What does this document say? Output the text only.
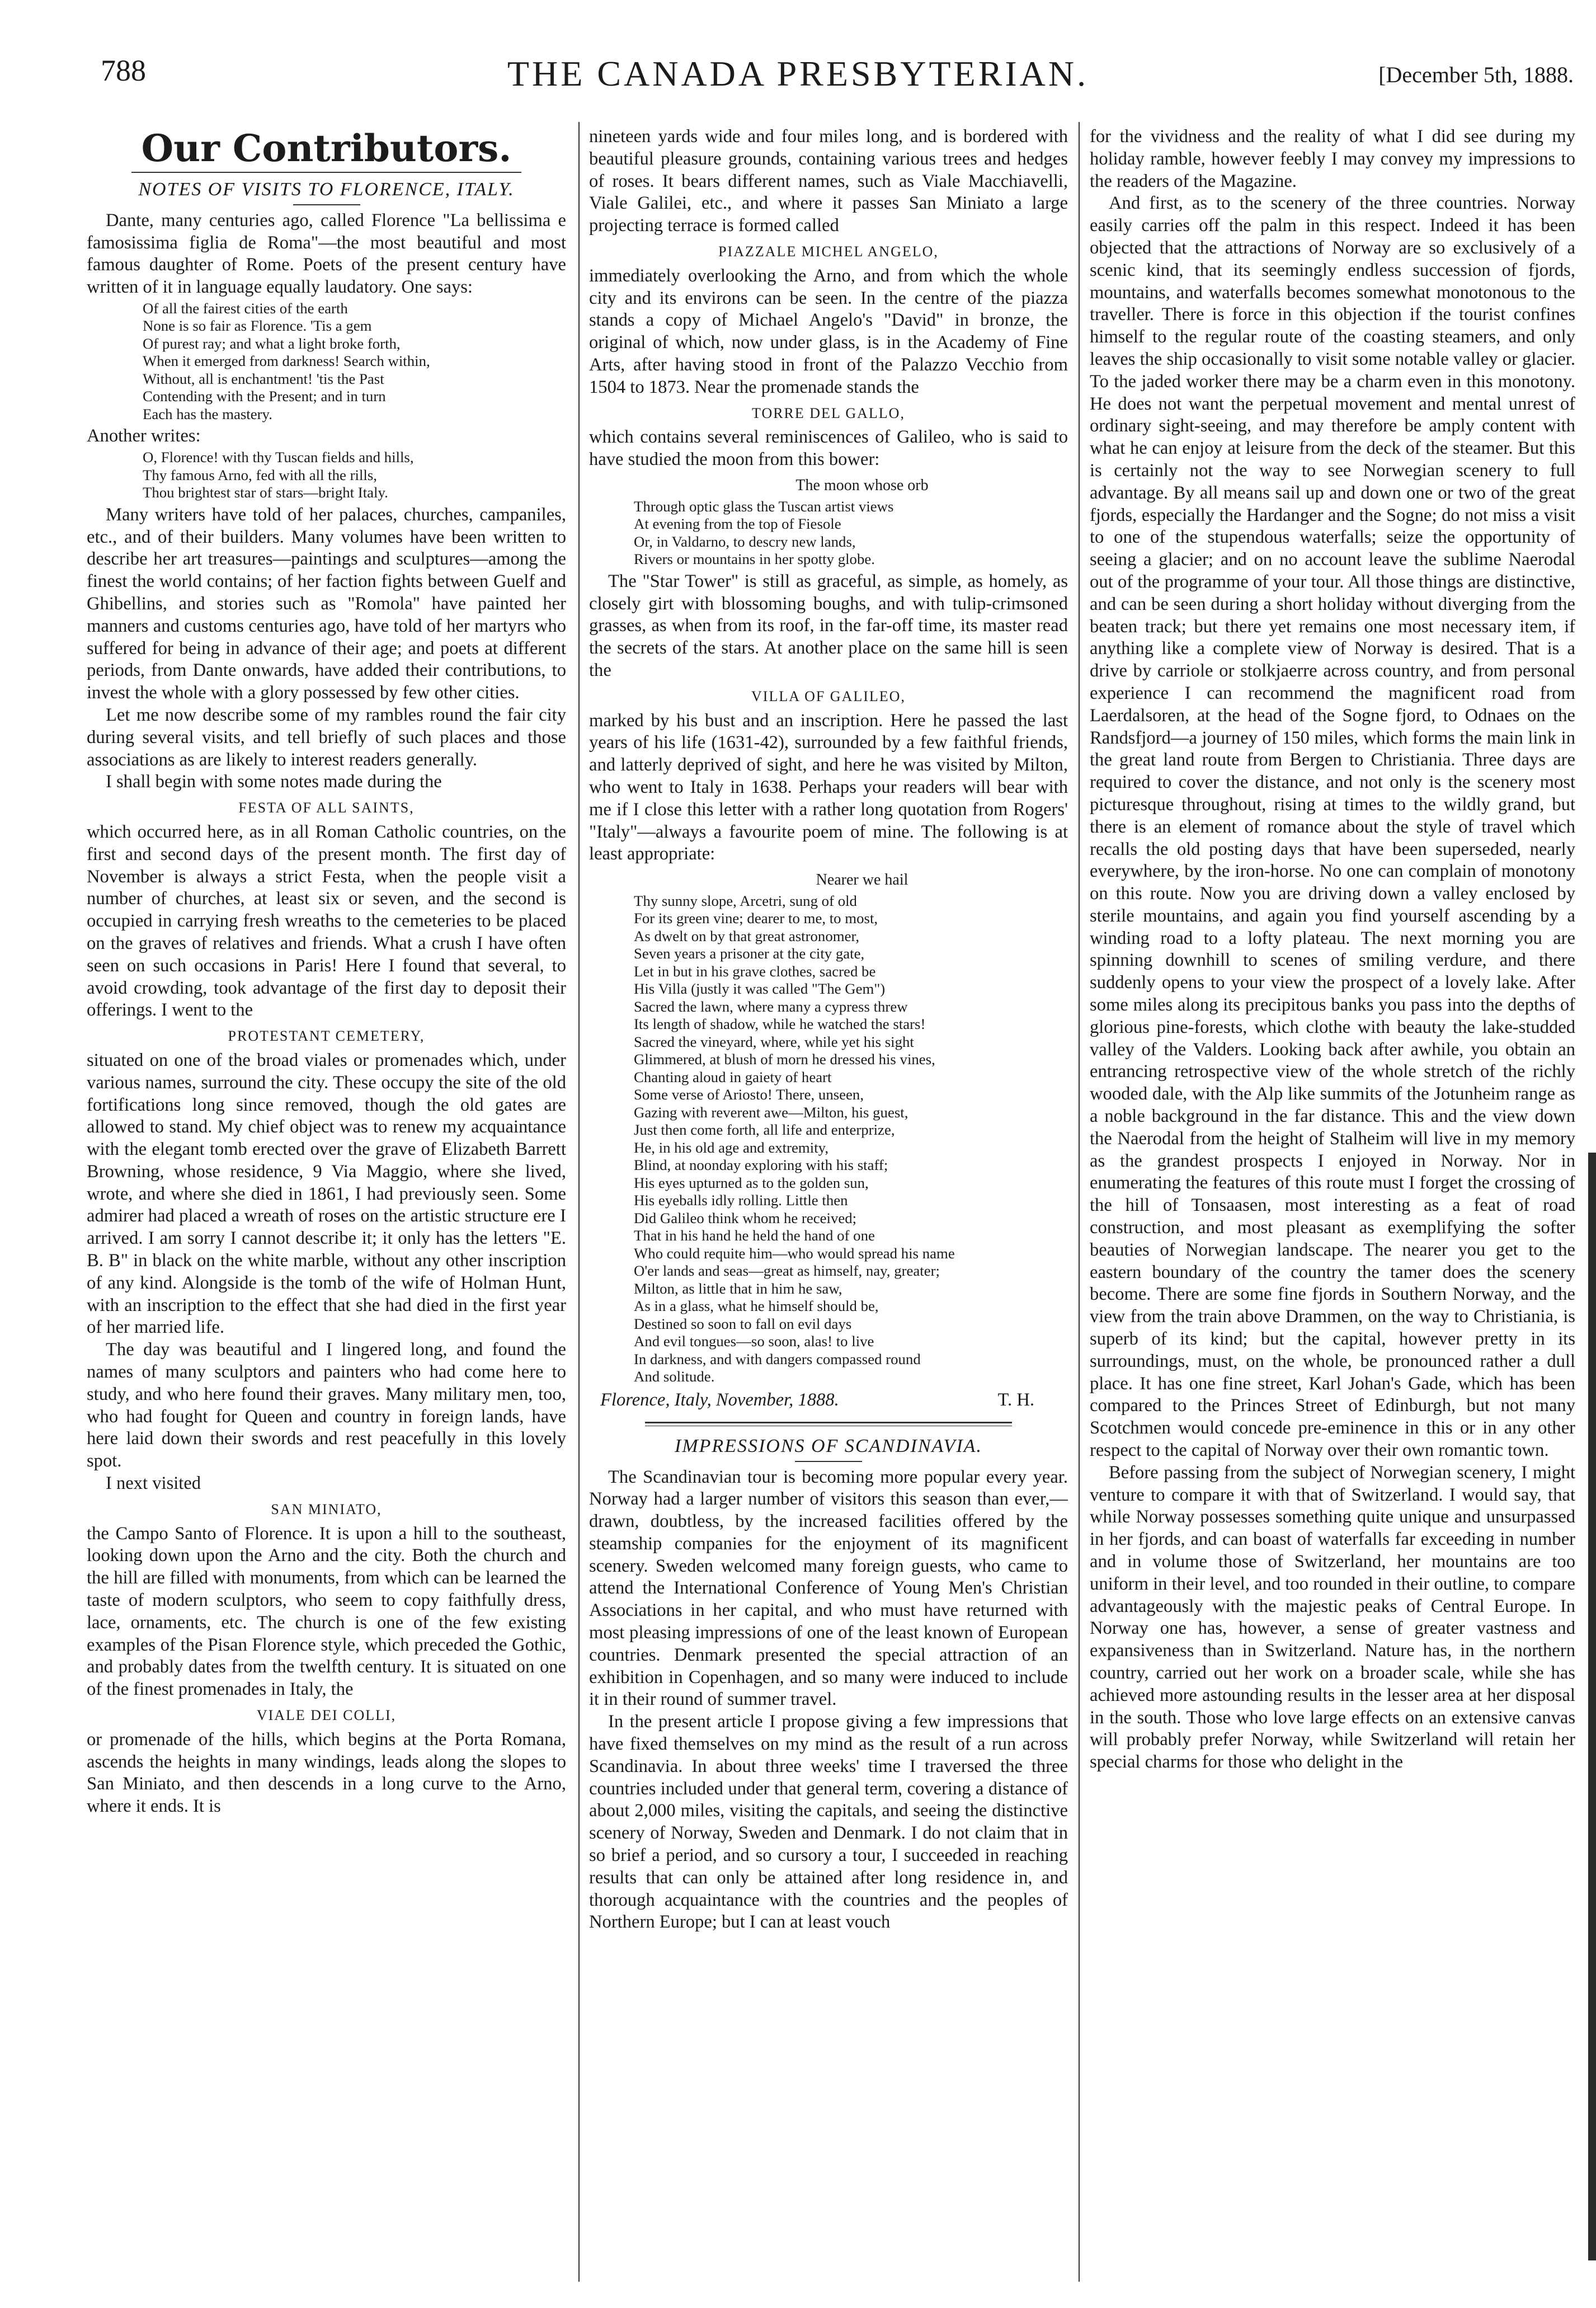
788	THE CANADA PRESBYTERIAN.	[December 5th, 1888.
Our Contributors.
NOTES OF VISITS TO FLORENCE, ITALY.

Dante, many centuries ago, called Florence "La bellissima e famosissima figlia de Roma"—the most beautiful and most famous daughter of Rome. Poets of the present century have written of it in language equally laudatory. One says:

Of all the fairest cities of the earth
None is so fair as Florence. 'Tis a gem
Of purest ray; and what a light broke forth,
When it emerged from darkness! Search within,
Without, all is enchantment! 'tis the Past
Contending with the Present; and in turn
Each has the mastery.

Another writes:

O, Florence! with thy Tuscan fields and hills,
Thy famous Arno, fed with all the rills,
Thou brightest star of stars—bright Italy.

Many writers have told of her palaces, churches, campaniles, etc., and of their builders. Many volumes have been written to describe her art treasures—paintings and sculptures—among the finest the world contains; of her faction fights between Guelf and Ghibellins, and stories such as "Romola" have painted her manners and customs centuries ago, have told of her martyrs who suffered for being in advance of their age; and poets at different periods, from Dante onwards, have added their contributions, to invest the whole with a glory possessed by few other cities.

Let me now describe some of my rambles round the fair city during several visits, and tell briefly of such places and those associations as are likely to interest readers generally.

I shall begin with some notes made during the

FESTA OF ALL SAINTS,

which occurred here, as in all Roman Catholic countries, on the first and second days of the present month. The first day of November is always a strict Festa, when the people visit a number of churches, at least six or seven, and the second is occupied in carrying fresh wreaths to the cemeteries to be placed on the graves of relatives and friends. What a crush I have often seen on such occasions in Paris! Here I found that several, to avoid crowding, took advantage of the first day to deposit their offerings. I went to the

PROTESTANT CEMETERY,

situated on one of the broad viales or promenades which, under various names, surround the city. These occupy the site of the old fortifications long since removed, though the old gates are allowed to stand. My chief object was to renew my acquaintance with the elegant tomb erected over the grave of Elizabeth Barrett Browning, whose residence, 9 Via Maggio, where she lived, wrote, and where she died in 1861, I had previously seen. Some admirer had placed a wreath of roses on the artistic structure ere I arrived. I am sorry I cannot describe it; it only has the letters "E. B. B" in black on the white marble, without any other inscription of any kind. Alongside is the tomb of the wife of Holman Hunt, with an inscription to the effect that she had died in the first year of her married life.

The day was beautiful and I lingered long, and found the names of many sculptors and painters who had come here to study, and who here found their graves. Many military men, too, who had fought for Queen and country in foreign lands, have here laid down their swords and rest peacefully in this lovely spot.

I next visited

SAN MINIATO,

the Campo Santo of Florence. It is upon a hill to the southeast, looking down upon the Arno and the city. Both the church and the hill are filled with monuments, from which can be learned the taste of modern sculptors, who seem to copy faithfully dress, lace, ornaments, etc. The church is one of the few existing examples of the Pisan Florence style, which preceded the Gothic, and probably dates from the twelfth century. It is situated on one of the finest promenades in Italy, the

VIALE DEI COLLI,

or promenade of the hills, which begins at the Porta Romana, ascends the heights in many windings, leads along the slopes to San Miniato, and then descends in a long curve to the Arno, where it ends. It is

nineteen yards wide and four miles long, and is bordered with beautiful pleasure grounds, containing various trees and hedges of roses. It bears different names, such as Viale Macchiavelli, Viale Galilei, etc., and where it passes San Miniato a large projecting terrace is formed called

PIAZZALE MICHEL ANGELO,

immediately overlooking the Arno, and from which the whole city and its environs can be seen. In the centre of the piazza stands a copy of Michael Angelo's "David" in bronze, the original of which, now under glass, is in the Academy of Fine Arts, after having stood in front of the Palazzo Vecchio from 1504 to 1873. Near the promenade stands the

TORRE DEL GALLO,

which contains several reminiscences of Galileo, who is said to have studied the moon from this bower:

The moon whose orb
Through optic glass the Tuscan artist views
At evening from the top of Fiesole
Or, in Valdarno, to descry new lands,
Rivers or mountains in her spotty globe.

The "Star Tower" is still as graceful, as simple, as homely, as closely girt with blossoming boughs, and with tulip-crimsoned grasses, as when from its roof, in the far-off time, its master read the secrets of the stars. At another place on the same hill is seen the

VILLA OF GALILEO,

marked by his bust and an inscription. Here he passed the last years of his life (1631-42), surrounded by a few faithful friends, and latterly deprived of sight, and here he was visited by Milton, who went to Italy in 1638. Perhaps your readers will bear with me if I close this letter with a rather long quotation from Rogers' "Italy"—always a favourite poem of mine. The following is at least appropriate:

Nearer we hail
Thy sunny slope, Arcetri, sung of old
For its green vine; dearer to me, to most,
As dwelt on by that great astronomer,
Seven years a prisoner at the city gate,
Let in but in his grave clothes, sacred be
His Villa (justly it was called "The Gem")
Sacred the lawn, where many a cypress threw
Its length of shadow, while he watched the stars!
Sacred the vineyard, where, while yet his sight
Glimmered, at blush of morn he dressed his vines,
Chanting aloud in gaiety of heart
Some verse of Ariosto! There, unseen,
Gazing with reverent awe—Milton, his guest,
Just then come forth, all life and enterprize,
He, in his old age and extremity,
Blind, at noonday exploring with his staff;
His eyes upturned as to the golden sun,
His eyeballs idly rolling. Little then
Did Galileo think whom he received;
That in his hand he held the hand of one
Who could requite him—who would spread his name
O'er lands and seas—great as himself, nay, greater;
Milton, as little that in him he saw,
As in a glass, what he himself should be,
Destined so soon to fall on evil days
And evil tongues—so soon, alas! to live
In darkness, and with dangers compassed round
And solitude.
Florence, Italy, November, 1888.	T. H.
IMPRESSIONS OF SCANDINAVIA.

The Scandinavian tour is becoming more popular every year. Norway had a larger number of visitors this season than ever,—drawn, doubtless, by the increased facilities offered by the steamship companies for the enjoyment of its magnificent scenery. Sweden welcomed many foreign guests, who came to attend the International Conference of Young Men's Christian Associations in her capital, and who must have returned with most pleasing impressions of one of the least known of European countries. Denmark presented the special attraction of an exhibition in Copenhagen, and so many were induced to include it in their round of summer travel.

In the present article I propose giving a few impressions that have fixed themselves on my mind as the result of a run across Scandinavia. In about three weeks' time I traversed the three countries included under that general term, covering a distance of about 2,000 miles, visiting the capitals, and seeing the distinctive scenery of Norway, Sweden and Denmark. I do not claim that in so brief a period, and so cursory a tour, I succeeded in reaching results that can only be attained after long residence in, and thorough acquaintance with the countries and the peoples of Northern Europe; but I can at least vouch

for the vividness and the reality of what I did see during my holiday ramble, however feebly I may convey my impressions to the readers of the Magazine.

And first, as to the scenery of the three countries. Norway easily carries off the palm in this respect. Indeed it has been objected that the attractions of Norway are so exclusively of a scenic kind, that its seemingly endless succession of fjords, mountains, and waterfalls becomes somewhat monotonous to the traveller. There is force in this objection if the tourist confines himself to the regular route of the coasting steamers, and only leaves the ship occasionally to visit some notable valley or glacier. To the jaded worker there may be a charm even in this monotony. He does not want the perpetual movement and mental unrest of ordinary sight-seeing, and may therefore be amply content with what he can enjoy at leisure from the deck of the steamer. But this is certainly not the way to see Norwegian scenery to full advantage. By all means sail up and down one or two of the great fjords, especially the Hardanger and the Sogne; do not miss a visit to one of the stupendous waterfalls; seize the opportunity of seeing a glacier; and on no account leave the sublime Naerodal out of the programme of your tour. All those things are distinctive, and can be seen during a short holiday without diverging from the beaten track; but there yet remains one most necessary item, if anything like a complete view of Norway is desired. That is a drive by carriole or stolkjaerre across country, and from personal experience I can recommend the magnificent road from Laerdalsoren, at the head of the Sogne fjord, to Odnaes on the Randsfjord—a journey of 150 miles, which forms the main link in the great land route from Bergen to Christiania. Three days are required to cover the distance, and not only is the scenery most picturesque throughout, rising at times to the wildly grand, but there is an element of romance about the style of travel which recalls the old posting days that have been superseded, nearly everywhere, by the iron-horse. No one can complain of monotony on this route. Now you are driving down a valley enclosed by sterile mountains, and again you find yourself ascending by a winding road to a lofty plateau. The next morning you are spinning downhill to scenes of smiling verdure, and there suddenly opens to your view the prospect of a lovely lake. After some miles along its precipitous banks you pass into the depths of glorious pine-forests, which clothe with beauty the lake-studded valley of the Valders. Looking back after awhile, you obtain an entrancing retrospective view of the whole stretch of the richly wooded dale, with the Alp like summits of the Jotunheim range as a noble background in the far distance. This and the view down the Naerodal from the height of Stalheim will live in my memory as the grandest prospects I enjoyed in Norway. Nor in enumerating the features of this route must I forget the crossing of the hill of Tonsaasen, most interesting as a feat of road construction, and most pleasant as exemplifying the softer beauties of Norwegian landscape. The nearer you get to the eastern boundary of the country the tamer does the scenery become. There are some fine fjords in Southern Norway, and the view from the train above Drammen, on the way to Christiania, is superb of its kind; but the capital, however pretty in its surroundings, must, on the whole, be pronounced rather a dull place. It has one fine street, Karl Johan's Gade, which has been compared to the Princes Street of Edinburgh, but not many Scotchmen would concede pre-eminence in this or in any other respect to the capital of Norway over their own romantic town.

Before passing from the subject of Norwegian scenery, I might venture to compare it with that of Switzerland. I would say, that while Norway possesses something quite unique and unsurpassed in her fjords, and can boast of waterfalls far exceeding in number and in volume those of Switzerland, her mountains are too uniform in their level, and too rounded in their outline, to compare advantageously with the majestic peaks of Central Europe. In Norway one has, however, a sense of greater vastness and expansiveness than in Switzerland. Nature has, in the northern country, carried out her work on a broader scale, while she has achieved more astounding results in the lesser area at her disposal in the south. Those who love large effects on an extensive canvas will probably prefer Norway, while Switzerland will retain her special charms for those who delight in the
